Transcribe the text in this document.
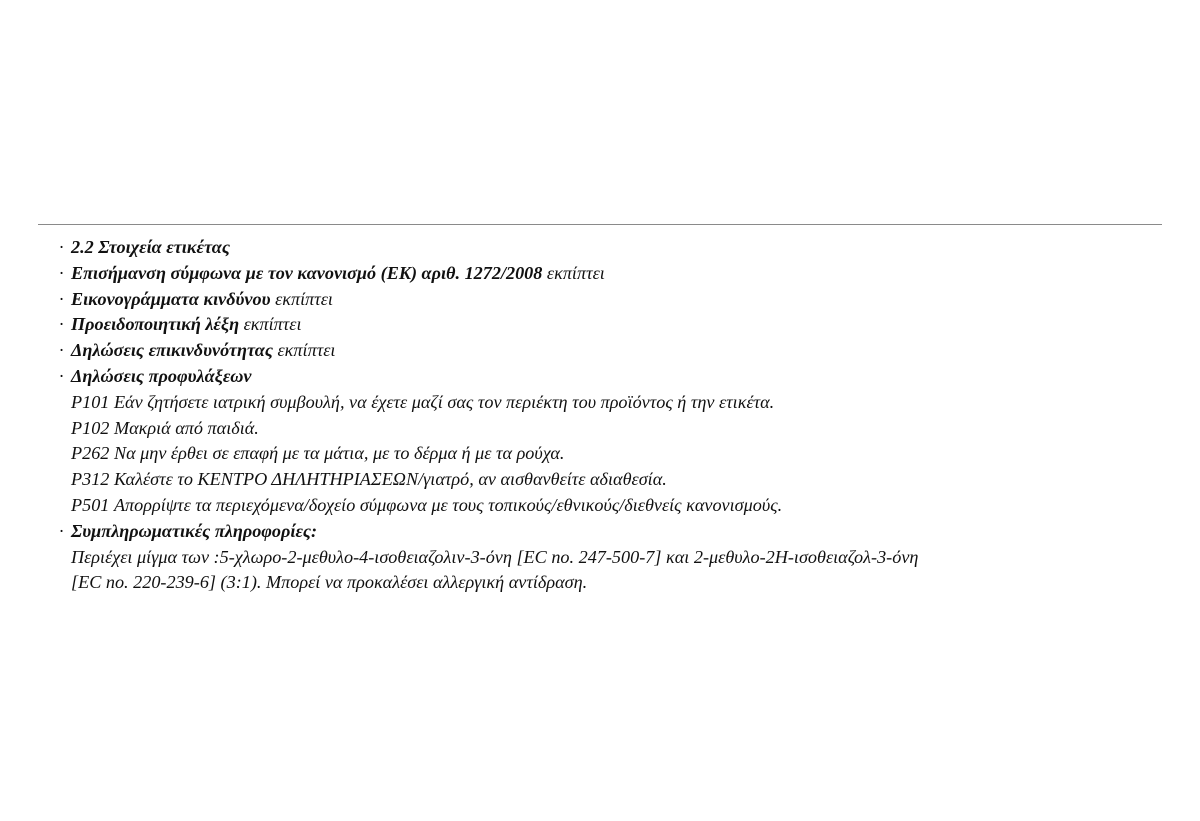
· 2.2 Στοιχεία ετικέτας
· Επισήμανση σύμφωνα με τον κανονισμό (ΕΚ) αριθ. 1272/2008 εκπίπτει
· Εικονογράμματα κινδύνου εκπίπτει
· Προειδοποιητική λέξη εκπίπτει
· Δηλώσεις επικινδυνότητας εκπίπτει
· Δηλώσεις προφυλάξεων
P101 Εάν ζητήσετε ιατρική συμβουλή, να έχετε μαζί σας τον περιέκτη του προϊόντος ή την ετικέτα.
P102 Μακριά από παιδιά.
P262 Να μην έρθει σε επαφή με τα μάτια, με το δέρμα ή με τα ρούχα.
P312 Καλέστε το ΚΕΝΤΡΟ ΔΗΛΗΤΗΡΙΑΣΕΩΝ/γιατρό, αν αισθανθείτε αδιαθεσία.
P501 Απορρίψτε τα περιεχόμενα/δοχείο σύμφωνα με τους τοπικούς/εθνικούς/διεθνείς κανονισμούς.
· Συμπληρωματικές πληροφορίες:
Περιέχει μίγμα των :5-χλωρο-2-μεθυλο-4-ισοθειαζολιν-3-όνη [EC no. 247-500-7] και 2-μεθυλο-2H-ισοθειαζολ-3-όνη
[EC no. 220-239-6] (3:1). Μπορεί να προκαλέσει αλλεργική αντίδραση.
